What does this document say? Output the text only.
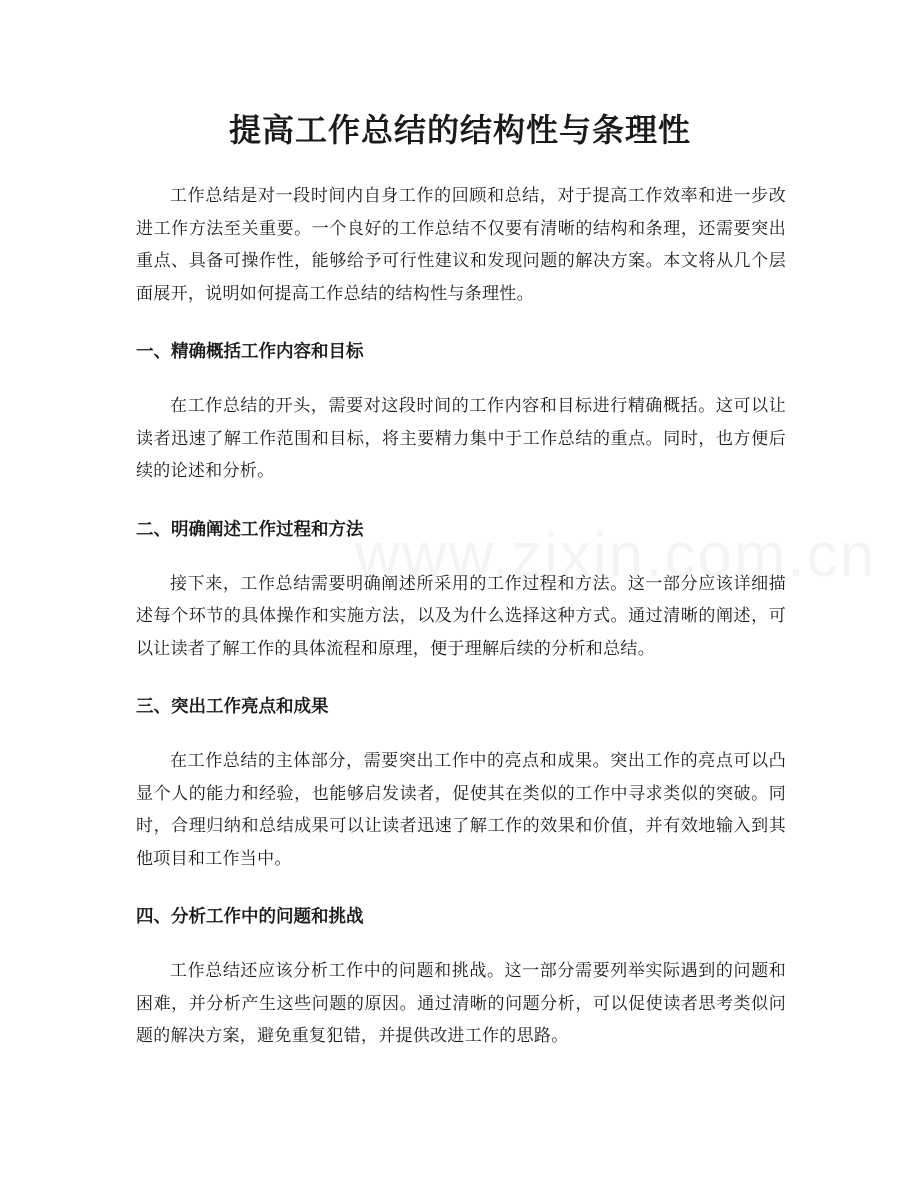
提高工作总结的结构性与条理性

工作总结是对一段时间内自身工作的回顾和总结，对于提高工作效率和进一步改进工作方法至关重要。一个良好的工作总结不仅要有清晰的结构和条理，还需要突出重点、具备可操作性，能够给予可行性建议和发现问题的解决方案。本文将从几个层面展开，说明如何提高工作总结的结构性与条理性。

一、精确概括工作内容和目标

在工作总结的开头，需要对这段时间的工作内容和目标进行精确概括。这可以让读者迅速了解工作范围和目标，将主要精力集中于工作总结的重点。同时，也方便后续的论述和分析。

二、明确阐述工作过程和方法

接下来，工作总结需要明确阐述所采用的工作过程和方法。这一部分应该详细描述每个环节的具体操作和实施方法，以及为什么选择这种方式。通过清晰的阐述，可以让读者了解工作的具体流程和原理，便于理解后续的分析和总结。

三、突出工作亮点和成果

在工作总结的主体部分，需要突出工作中的亮点和成果。突出工作的亮点可以凸显个人的能力和经验，也能够启发读者，促使其在类似的工作中寻求类似的突破。同时，合理归纳和总结成果可以让读者迅速了解工作的效果和价值，并有效地输入到其他项目和工作当中。

四、分析工作中的问题和挑战

工作总结还应该分析工作中的问题和挑战。这一部分需要列举实际遇到的问题和困难，并分析产生这些问题的原因。通过清晰的问题分析，可以促使读者思考类似问题的解决方案，避免重复犯错，并提供改进工作的思路。
